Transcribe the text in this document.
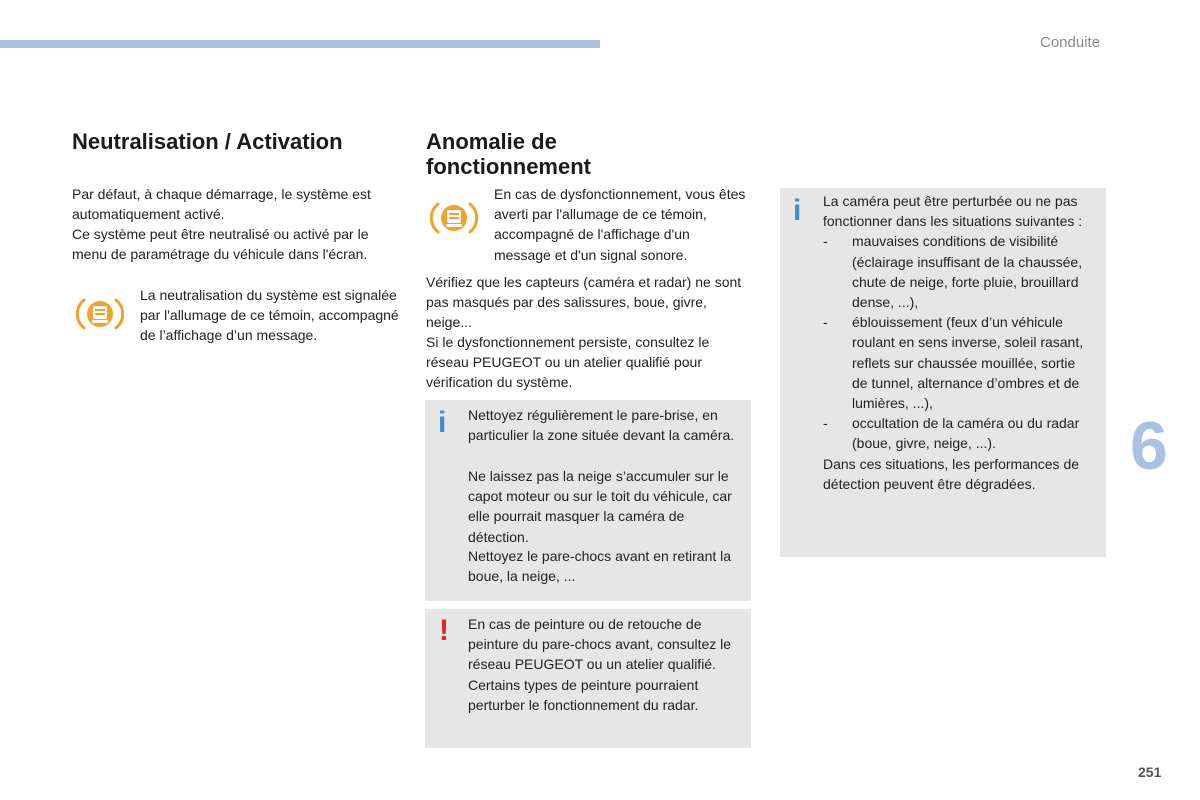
Conduite
6
251
Neutralisation / Activation

Par défaut, à chaque démarrage, le système est automatiquement activé.

Ce système peut être neutralisé ou activé par le menu de paramétrage du véhicule dans l'écran.

La neutralisation du système est signalée par l'allumage de ce témoin, accompagné de l’affichage d’un message.

Anomalie de fonctionnement

En cas de dysfonctionnement, vous êtes averti par l'allumage de ce témoin, accompagné de l'affichage d'un message et d'un signal sonore.

Vérifiez que les capteurs (caméra et radar) ne sont pas masqués par des salissures, boue, givre, neige...

Si le dysfonctionnement persiste, consultez le réseau PEUGEOT ou un atelier qualifié pour vérification du système.

i Nettoyez régulièrement le pare-brise, en particulier la zone située devant la caméra.

Ne laissez pas la neige s’accumuler sur le capot moteur ou sur le toit du véhicule, car elle pourrait masquer la caméra de détection.

Nettoyez le pare-chocs avant en retirant la boue, la neige, ...

! En cas de peinture ou de retouche de peinture du pare-chocs avant, consultez le réseau PEUGEOT ou un atelier qualifié. Certains types de peinture pourraient perturber le fonctionnement du radar.

i La caméra peut être perturbée ou ne pas fonctionner dans les situations suivantes :
- mauvaises conditions de visibilité (éclairage insuffisant de la chaussée, chute de neige, forte pluie, brouillard dense, ...),
- éblouissement (feux d’un véhicule roulant en sens inverse, soleil rasant, reflets sur chaussée mouillée, sortie de tunnel, alternance d’ombres et de lumières, ...),
- occultation de la caméra ou du radar (boue, givre, neige, ...).
Dans ces situations, les performances de détection peuvent être dégradées.
